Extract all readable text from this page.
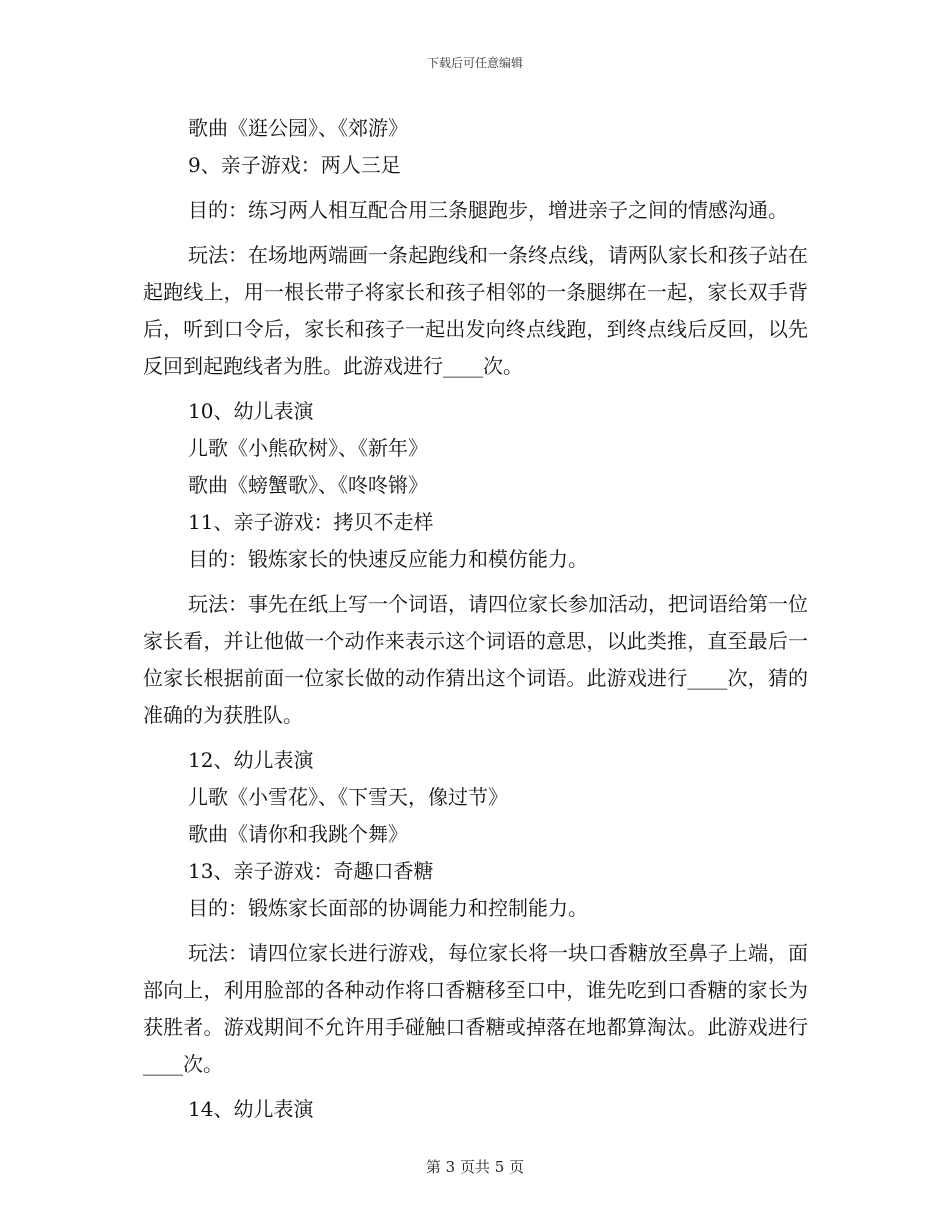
下载后可任意编辑

歌曲《逛公园》、《郊游》

9、亲子游戏：两人三足

目的：练习两人相互配合用三条腿跑步，增进亲子之间的情感沟通。

玩法：在场地两端画一条起跑线和一条终点线，请两队家长和孩子站在起跑线上，用一根长带子将家长和孩子相邻的一条腿绑在一起，家长双手背后，听到口令后，家长和孩子一起出发向终点线跑，到终点线后反回，以先反回到起跑线者为胜。此游戏进行____次。

10、幼儿表演

儿歌《小熊砍树》、《新年》

歌曲《螃蟹歌》、《咚咚锵》

11、亲子游戏：拷贝不走样

目的：锻炼家长的快速反应能力和模仿能力。

玩法：事先在纸上写一个词语，请四位家长参加活动，把词语给第一位家长看，并让他做一个动作来表示这个词语的意思，以此类推，直至最后一位家长根据前面一位家长做的动作猜出这个词语。此游戏进行____次，猜的准确的为获胜队。

12、幼儿表演

儿歌《小雪花》、《下雪天，像过节》

歌曲《请你和我跳个舞》

13、亲子游戏：奇趣口香糖

目的：锻炼家长面部的协调能力和控制能力。

玩法：请四位家长进行游戏，每位家长将一块口香糖放至鼻子上端，面部向上，利用脸部的各种动作将口香糖移至口中，谁先吃到口香糖的家长为获胜者。游戏期间不允许用手碰触口香糖或掉落在地都算淘汰。此游戏进行____次。

14、幼儿表演

第 3 页共 5 页
